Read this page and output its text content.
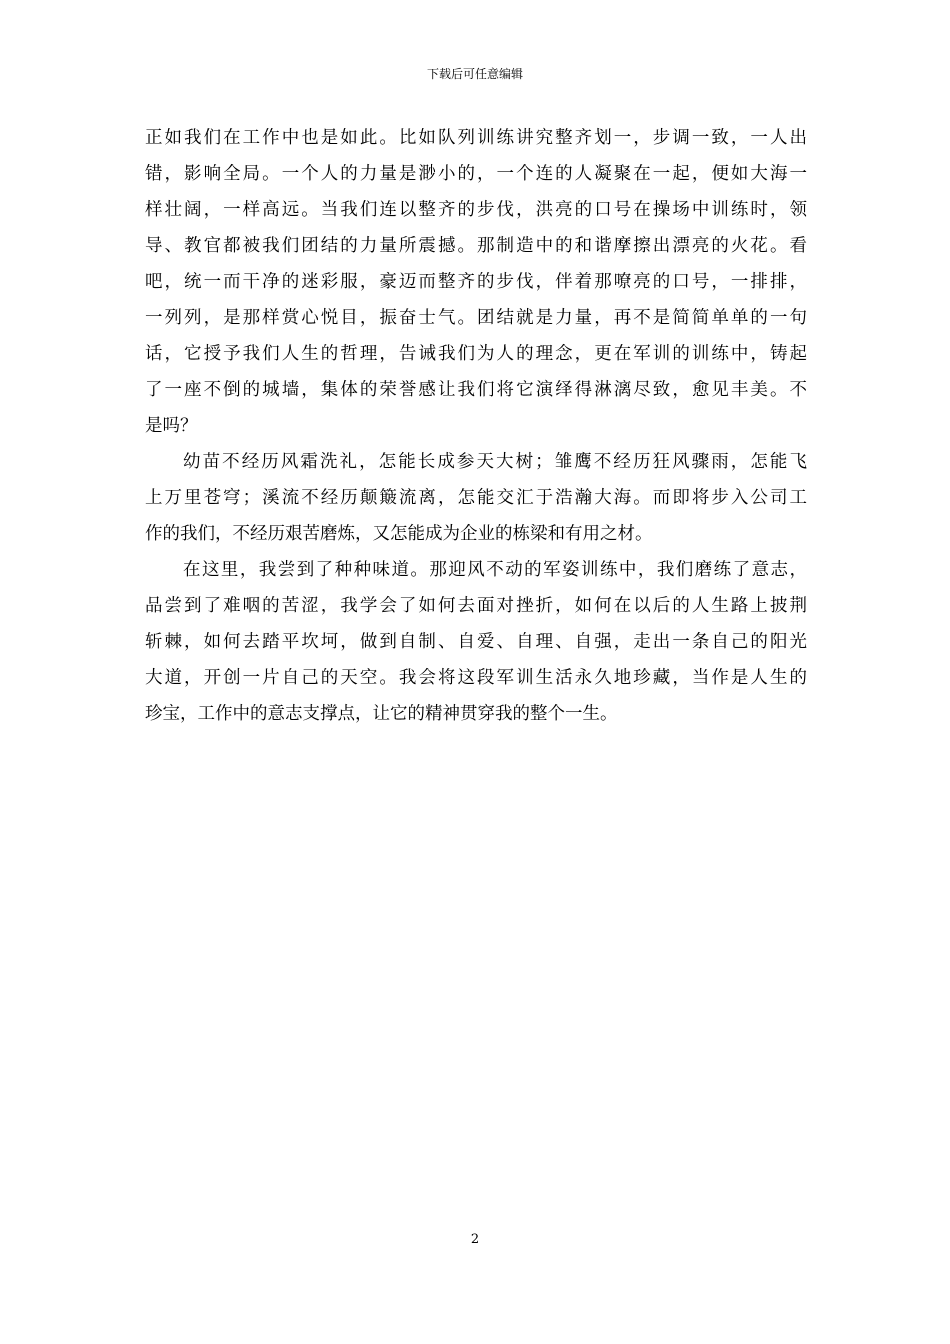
下载后可任意编辑
正如我们在工作中也是如此。比如队列训练讲究整齐划一，步调一致，一人出
错，影响全局。一个人的力量是渺小的，一个连的人凝聚在一起，便如大海一
样壮阔，一样高远。当我们连以整齐的步伐，洪亮的口号在操场中训练时，领
导、教官都被我们团结的力量所震撼。那制造中的和谐摩擦出漂亮的火花。看
吧，统一而干净的迷彩服，豪迈而整齐的步伐，伴着那嘹亮的口号，一排排，
一列列，是那样赏心悦目，振奋士气。团结就是力量，再不是简简单单的一句
话，它授予我们人生的哲理，告诫我们为人的理念，更在军训的训练中，铸起
了一座不倒的城墙，集体的荣誉感让我们将它演绎得淋漓尽致，愈见丰美。不
是吗？
幼苗不经历风霜洗礼，怎能长成参天大树；雏鹰不经历狂风骤雨，怎能飞
上万里苍穹；溪流不经历颠簸流离，怎能交汇于浩瀚大海。而即将步入公司工
作的我们，不经历艰苦磨炼，又怎能成为企业的栋梁和有用之材。
在这里，我尝到了种种味道。那迎风不动的军姿训练中，我们磨练了意志，
品尝到了难咽的苦涩，我学会了如何去面对挫折，如何在以后的人生路上披荆
斩棘，如何去踏平坎坷，做到自制、自爱、自理、自强，走出一条自己的阳光
大道，开创一片自己的天空。我会将这段军训生活永久地珍藏，当作是人生的
珍宝，工作中的意志支撑点，让它的精神贯穿我的整个一生。
2
